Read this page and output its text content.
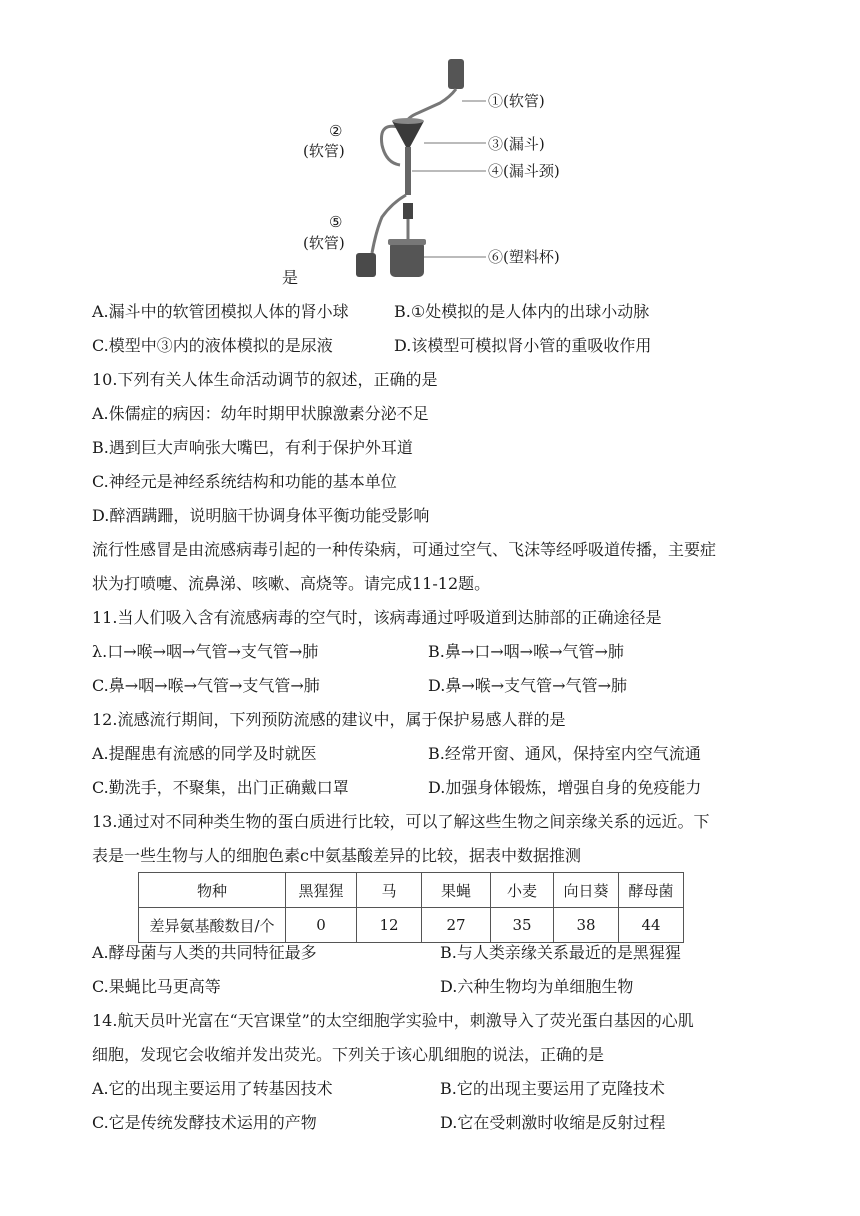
①(软管)
②
(软管)	③(漏斗)
④(漏斗颈)
⑤
(软管)
⑥(塑料杯)
是
A.漏斗中的软管团模拟人体的肾小球	B.①处模拟的是人体内的出球小动脉
C.模型中③内的液体模拟的是尿液	D.该模型可模拟肾小管的重吸收作用
10.下列有关人体生命活动调节的叙述，正确的是
A.侏儒症的病因：幼年时期甲状腺激素分泌不足
B.遇到巨大声响张大嘴巴，有利于保护外耳道
C.神经元是神经系统结构和功能的基本单位
D.醉酒蹒跚，说明脑干协调身体平衡功能受影响
流行性感冒是由流感病毒引起的一种传染病，可通过空气、飞沫等经呼吸道传播，主要症
状为打喷嚏、流鼻涕、咳嗽、高烧等。请完成11-12题。
11.当人们吸入含有流感病毒的空气时，该病毒通过呼吸道到达肺部的正确途径是
λ.口→喉→咽→气管→支气管→肺	B.鼻→口→咽→喉→气管→肺
C.鼻→咽→喉→气管→支气管→肺	D.鼻→喉→支气管→气管→肺
12.流感流行期间，下列预防流感的建议中，属于保护易感人群的是
A.提醒患有流感的同学及时就医	B.经常开窗、通风，保持室内空气流通
C.勤洗手，不聚集，出门正确戴口罩	D.加强身体锻炼，增强自身的免疫能力
13.通过对不同种类生物的蛋白质进行比较，可以了解这些生物之间亲缘关系的远近。下
表是一些生物与人的细胞色素c中氨基酸差异的比较，据表中数据推测
物种	黑猩猩	马	果蝇	小麦	向日葵	酵母菌
差异氨基酸数目/个	0	12	27	35	38	44
A.酵母菌与人类的共同特征最多	B.与人类亲缘关系最近的是黑猩猩
C.果蝇比马更高等	D.六种生物均为单细胞生物
14.航天员叶光富在“天宫课堂”的太空细胞学实验中，刺激导入了荧光蛋白基因的心肌
细胞，发现它会收缩并发出荧光。下列关于该心肌细胞的说法，正确的是
A.它的出现主要运用了转基因技术	B.它的出现主要运用了克隆技术
C.它是传统发酵技术运用的产物	D.它在受刺激时收缩是反射过程
